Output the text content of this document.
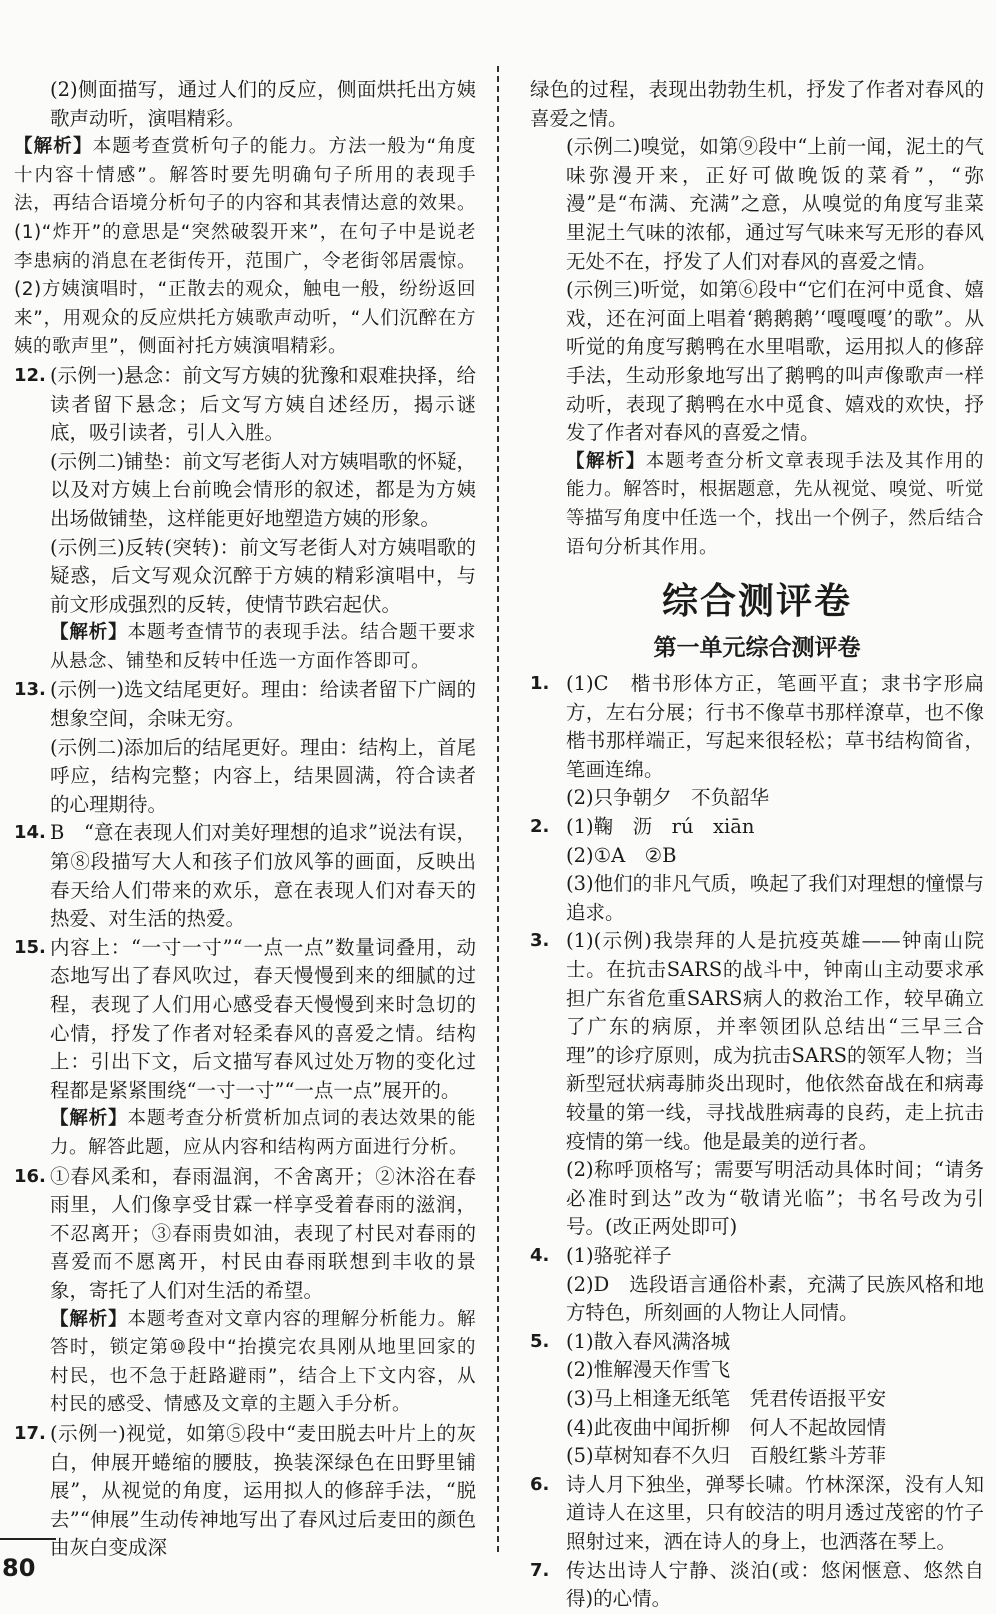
(2)侧面描写，通过人们的反应，侧面烘托出方姨歌声动听，演唱精彩。

【解析】本题考查赏析句子的能力。方法一般为“角度十内容十情感”。解答时要先明确句子所用的表现手法，再结合语境分析句子的内容和其表情达意的效果。(1)“炸开”的意思是“突然破裂开来”，在句子中是说老李患病的消息在老街传开，范围广，令老街邻居震惊。(2)方姨演唱时，“正散去的观众，触电一般，纷纷返回来”，用观众的反应烘托方姨歌声动听，“人们沉醉在方姨的歌声里”，侧面衬托方姨演唱精彩。

12. (示例一)悬念：前文写方姨的犹豫和艰难抉择，给读者留下悬念；后文写方姨自述经历，揭示谜底，吸引读者，引人入胜。

(示例二)铺垫：前文写老街人对方姨唱歌的怀疑，以及对方姨上台前晚会情形的叙述，都是为方姨出场做铺垫，这样能更好地塑造方姨的形象。

(示例三)反转(突转)：前文写老街人对方姨唱歌的疑惑，后文写观众沉醉于方姨的精彩演唱中，与前文形成强烈的反转，使情节跌宕起伏。

【解析】本题考查情节的表现手法。结合题干要求从悬念、铺垫和反转中任选一方面作答即可。

13. (示例一)选文结尾更好。理由：给读者留下广阔的想象空间，余味无穷。

(示例二)添加后的结尾更好。理由：结构上，首尾呼应，结构完整；内容上，结果圆满，符合读者的心理期待。

14. B　“意在表现人们对美好理想的追求”说法有误，第⑧段描写大人和孩子们放风筝的画面，反映出春天给人们带来的欢乐，意在表现人们对春天的热爱、对生活的热爱。

15. 内容上：“一寸一寸”“一点一点”数量词叠用，动态地写出了春风吹过，春天慢慢到来的细腻的过程，表现了人们用心感受春天慢慢到来时急切的心情，抒发了作者对轻柔春风的喜爱之情。结构上：引出下文，后文描写春风过处万物的变化过程都是紧紧围绕“一寸一寸”“一点一点”展开的。

【解析】本题考查分析赏析加点词的表达效果的能力。解答此题，应从内容和结构两方面进行分析。

16. ①春风柔和，春雨温润，不舍离开；②沐浴在春雨里，人们像享受甘霖一样享受着春雨的滋润，不忍离开；③春雨贵如油，表现了村民对春雨的喜爱而不愿离开，村民由春雨联想到丰收的景象，寄托了人们对生活的希望。

【解析】本题考查对文章内容的理解分析能力。解答时，锁定第⑩段中“抬摸完农具刚从地里回家的村民，也不急于赶路避雨”，结合上下文内容，从村民的感受、情感及文章的主题入手分析。

17. (示例一)视觉，如第⑤段中“麦田脱去叶片上的灰白，伸展开蜷缩的腰肢，换装深绿色在田野里铺展”，从视觉的角度，运用拟人的修辞手法，“脱去”“伸展”生动传神地写出了春风过后麦田的颜色由灰白变成深

绿色的过程，表现出勃勃生机，抒发了作者对春风的喜爱之情。

(示例二)嗅觉，如第⑨段中“上前一闻，泥土的气味弥漫开来，正好可做晚饭的菜肴”，“弥漫”是“布满、充满”之意，从嗅觉的角度写韭菜里泥土气味的浓郁，通过写气味来写无形的春风无处不在，抒发了人们对春风的喜爱之情。

(示例三)听觉，如第⑥段中“它们在河中觅食、嬉戏，还在河面上唱着‘鹅鹅鹅’‘嘎嘎嘎’的歌”。从听觉的角度写鹅鸭在水里唱歌，运用拟人的修辞手法，生动形象地写出了鹅鸭的叫声像歌声一样动听，表现了鹅鸭在水中觅食、嬉戏的欢快，抒发了作者对春风的喜爱之情。

【解析】本题考查分析文章表现手法及其作用的能力。解答时，根据题意，先从视觉、嗅觉、听觉等描写角度中任选一个，找出一个例子，然后结合语句分析其作用。

综合测评卷
第一单元综合测评卷
1. (1)C　楷书形体方正，笔画平直；隶书字形扁方，左右分展；行书不像草书那样潦草，也不像楷书那样端正，写起来很轻松；草书结构简省，笔画连绵。

(2)只争朝夕　不负韶华

2. (1)鞠　沥　rú　xiān

(2)①A　②B

(3)他们的非凡气质，唤起了我们对理想的憧憬与追求。

3. (1)(示例)我崇拜的人是抗疫英雄——钟南山院士。在抗击SARS的战斗中，钟南山主动要求承担广东省危重SARS病人的救治工作，较早确立了广东的病原，并率领团队总结出“三早三合理”的诊疗原则，成为抗击SARS的领军人物；当新型冠状病毒肺炎出现时，他依然奋战在和病毒较量的第一线，寻找战胜病毒的良药，走上抗击疫情的第一线。他是最美的逆行者。

(2)称呼顶格写；需要写明活动具体时间；“请务必准时到达”改为“敬请光临”；书名号改为引号。(改正两处即可)

4. (1)骆驼祥子

(2)D　选段语言通俗朴素，充满了民族风格和地方特色，所刻画的人物让人同情。

5. (1)散入春风满洛城

(2)惟解漫天作雪飞

(3)马上相逢无纸笔　凭君传语报平安

(4)此夜曲中闻折柳　何人不起故园情

(5)草树知春不久归　百般红紫斗芳菲

6. 诗人月下独坐，弹琴长啸。竹林深深，没有人知道诗人在这里，只有皎洁的明月透过茂密的竹子照射过来，洒在诗人的身上，也洒落在琴上。

7. 传达出诗人宁静、淡泊(或：悠闲惬意、悠然自得)的心情。

80
